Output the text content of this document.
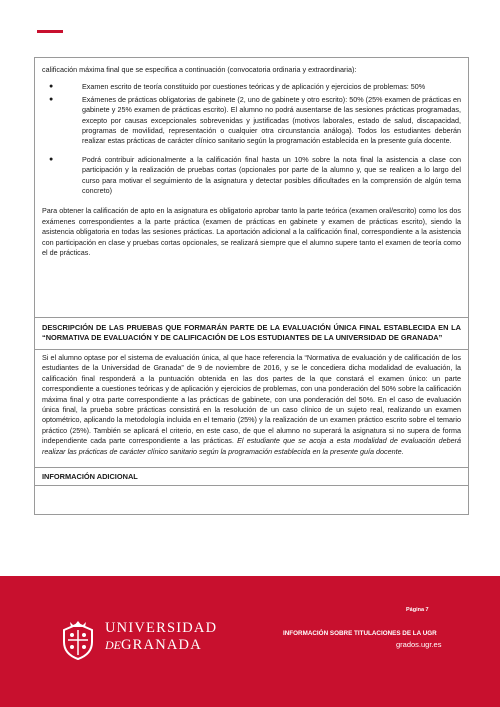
calificación máxima final que se especifica a continuación (convocatoria ordinaria y extraordinaria):

●	Examen escrito de teoría constituido por cuestiones teóricas y de aplicación y ejercicios de problemas: 50%
●	Exámenes de prácticas obligatorias de gabinete (2, uno de gabinete y otro escrito): 50% (25% examen de prácticas en gabinete y 25% examen de prácticas escrito). El alumno no podrá ausentarse de las sesiones prácticas programadas, excepto por causas excepcionales sobrevenidas y justificadas (motivos laborales, estado de salud, discapacidad, programas de movilidad, representación o cualquier otra circunstancia análoga). Todos los estudiantes deberán realizar estas prácticas de carácter clínico sanitario según la programación establecida en la presente guía docente.
●	Podrá contribuir adicionalmente a la calificación final hasta un 10% sobre la nota final la asistencia a clase con participación y la realización de pruebas cortas (opcionales por parte de la alumno y, que se realicen a lo largo del curso para motivar el seguimiento de la asignatura y detectar posibles dificultades en la comprensión de algún tema concreto)

Para obtener la calificación de apto en la asignatura es obligatorio aprobar tanto la parte teórica (examen oral/escrito) como los dos exámenes correspondientes a la parte práctica (examen de prácticas en gabinete y examen de prácticas escrito), siendo la asistencia obligatoria en todas las sesiones prácticas. La aportación adicional a la calificación final, correspondiente a la asistencia con participación en clase y pruebas cortas opcionales, se realizará siempre que el alumno supere tanto el examen de teoría como el de prácticas.

DESCRIPCIÓN DE LAS PRUEBAS QUE FORMARÁN PARTE DE LA EVALUACIÓN ÚNICA FINAL ESTABLECIDA EN LA “NORMATIVA DE EVALUACIÓN Y DE CALIFICACIÓN DE LOS ESTUDIANTES DE LA UNIVERSIDAD DE GRANADA”
Si el alumno optase por el sistema de evaluación única, al que hace referencia la “Normativa de evaluación y de calificación de los estudiantes de la Universidad de Granada” de 9 de noviembre de 2016, y se le concediera dicha modalidad de evaluación, la calificación final responderá a la puntuación obtenida en las dos partes de la que constará el examen único: un parte correspondiente a cuestiones teóricas y de aplicación y ejercicios de problemas, con una ponderación del 50% sobre la calificación máxima final y otra parte correspondiente a las prácticas de gabinete, con una ponderación del 50%. En el caso de evaluación única final, la prueba sobre prácticas consistirá en la resolución de un caso clínico de un sujeto real, realizando un examen optométrico, aplicando la metodología incluida en el temario (25%) y la realización de un examen práctico escrito sobre el temario práctico (25%). También se aplicará el criterio, en este caso, de que el alumno no superará la asignatura si no supera de forma independiente cada parte correspondiente a las prácticas. El estudiante que se acoja a esta modalidad de evaluación deberá realizar las prácticas de carácter clínico sanitario según la programación establecida en la presente guía docente.
INFORMACIÓN ADICIONAL
UNIVERSIDAD
DEGRANADA
Página 7
INFORMACIÓN SOBRE TITULACIONES DE LA UGR
grados.ugr.es
